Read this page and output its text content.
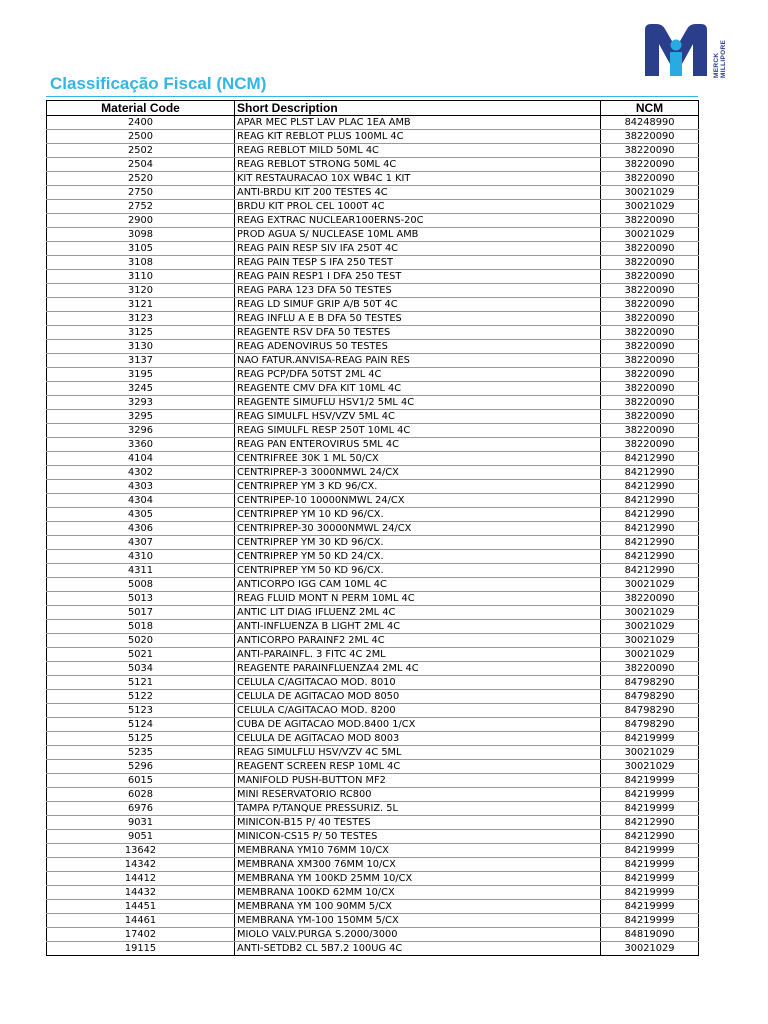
Classificação Fiscal (NCM)
MERCK MILLIPORE
Material Code	Short Description	NCM
2400	APAR MEC PLST LAV PLAC 1EA AMB	84248990
2500	REAG KIT REBLOT PLUS 100ML 4C	38220090
2502	REAG REBLOT MILD 50ML 4C	38220090
2504	REAG REBLOT STRONG 50ML 4C	38220090
2520	KIT RESTAURACAO 10X WB4C 1 KIT	38220090
2750	ANTI-BRDU KIT 200 TESTES 4C	30021029
2752	BRDU KIT PROL CEL 1000T 4C	30021029
2900	REAG EXTRAC NUCLEAR100ERNS-20C	38220090
3098	PROD AGUA S/ NUCLEASE 10ML AMB	30021029
3105	REAG PAIN RESP SIV IFA 250T 4C	38220090
3108	REAG PAIN TESP S IFA 250 TEST	38220090
3110	REAG PAIN RESP1 I DFA 250 TEST	38220090
3120	REAG PARA 123 DFA 50 TESTES	38220090
3121	REAG LD SIMUF GRIP A/B 50T 4C	38220090
3123	REAG INFLU A E B DFA 50 TESTES	38220090
3125	REAGENTE RSV DFA 50 TESTES	38220090
3130	REAG ADENOVIRUS 50 TESTES	38220090
3137	NAO FATUR.ANVISA-REAG PAIN RES	38220090
3195	REAG PCP/DFA 50TST 2ML 4C	38220090
3245	REAGENTE CMV DFA KIT 10ML 4C	38220090
3293	REAGENTE SIMUFLU HSV1/2 5ML 4C	38220090
3295	REAG SIMULFL HSV/VZV 5ML 4C	38220090
3296	REAG SIMULFL RESP 250T 10ML 4C	38220090
3360	REAG PAN ENTEROVIRUS 5ML 4C	38220090
4104	CENTRIFREE 30K 1 ML 50/CX	84212990
4302	CENTRIPREP-3 3000NMWL 24/CX	84212990
4303	CENTRIPREP YM 3 KD 96/CX.	84212990
4304	CENTRIPEP-10 10000NMWL 24/CX	84212990
4305	CENTRIPREP YM 10 KD 96/CX.	84212990
4306	CENTRIPREP-30 30000NMWL 24/CX	84212990
4307	CENTRIPREP YM 30 KD 96/CX.	84212990
4310	CENTRIPREP YM 50 KD 24/CX.	84212990
4311	CENTRIPREP YM 50 KD 96/CX.	84212990
5008	ANTICORPO IGG CAM 10ML 4C	30021029
5013	REAG FLUID MONT N PERM 10ML 4C	38220090
5017	ANTIC LIT DIAG IFLUENZ 2ML 4C	30021029
5018	ANTI-INFLUENZA B LIGHT 2ML 4C	30021029
5020	ANTICORPO PARAINF2 2ML 4C	30021029
5021	ANTI-PARAINFL. 3 FITC 4C 2ML	30021029
5034	REAGENTE PARAINFLUENZA4 2ML 4C	38220090
5121	CELULA C/AGITACAO MOD. 8010	84798290
5122	CELULA DE AGITACAO MOD 8050	84798290
5123	CELULA C/AGITACAO MOD. 8200	84798290
5124	CUBA DE AGITACAO MOD.8400 1/CX	84798290
5125	CELULA DE AGITACAO MOD 8003	84219999
5235	REAG SIMULFLU HSV/VZV 4C 5ML	30021029
5296	REAGENT SCREEN RESP 10ML 4C	30021029
6015	MANIFOLD PUSH-BUTTON MF2	84219999
6028	MINI RESERVATORIO RC800	84219999
6976	TAMPA P/TANQUE PRESSURIZ. 5L	84219999
9031	MINICON-B15 P/ 40 TESTES	84212990
9051	MINICON-CS15 P/ 50 TESTES	84212990
13642	MEMBRANA YM10 76MM 10/CX	84219999
14342	MEMBRANA XM300 76MM 10/CX	84219999
14412	MEMBRANA YM 100KD 25MM 10/CX	84219999
14432	MEMBRANA 100KD 62MM 10/CX	84219999
14451	MEMBRANA YM 100 90MM 5/CX	84219999
14461	MEMBRANA YM-100 150MM 5/CX	84219999
17402	MIOLO VALV.PURGA S.2000/3000	84819090
19115	ANTI-SETDB2 CL 5B7.2 100UG 4C	30021029
